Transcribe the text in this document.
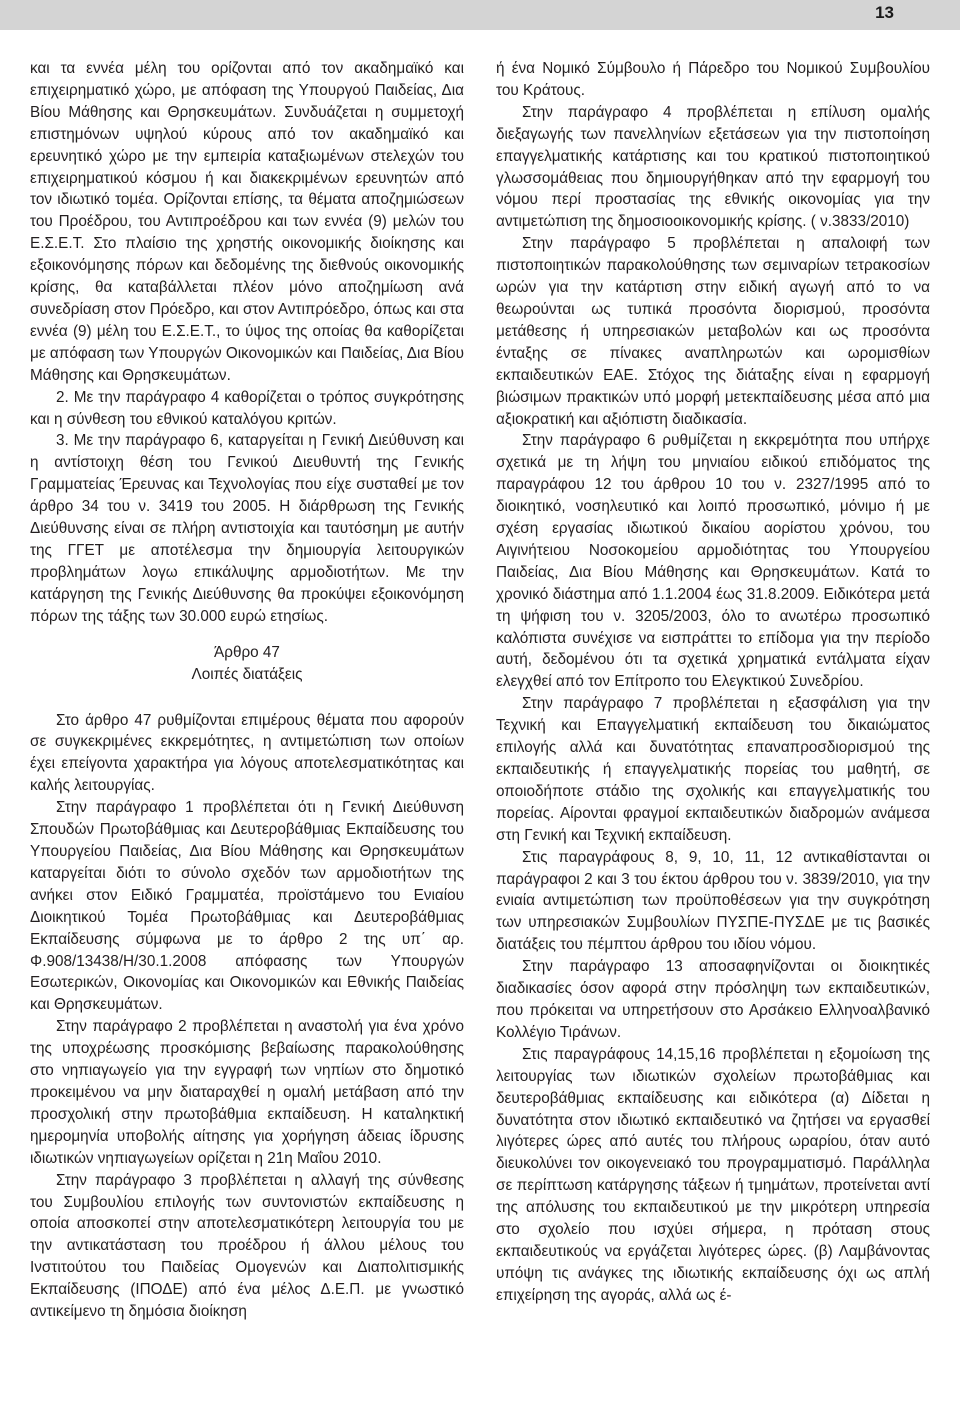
13

και τα εννέα μέλη του ορίζονται από τον ακαδημαϊκό και επιχειρηματικό χώρο, με απόφαση της Υπουργού Παιδείας, Δια Βίου Μάθησης και Θρησκευμάτων. Συνδυάζεται η συμμετοχή επιστημόνων υψηλού κύρους από τον ακαδημαϊκό και ερευνητικό χώρο με την εμπειρία καταξιωμένων στελεχών του επιχειρηματικού κόσμου ή και διακεκριμένων ερευνητών από τον ιδιωτικό τομέα. Ορίζονται επίσης, τα θέματα αποζημιώσεων του Προέδρου, του Αντιπροέδρου και των εννέα (9) μελών του Ε.Σ.Ε.Τ. Στο πλαίσιο της χρηστής οικονομικής διοίκησης και εξοικονόμησης πόρων και δεδομένης της διεθνούς οικονομικής κρίσης, θα καταβάλλεται πλέον μόνο αποζημίωση ανά συνεδρίαση στον Πρόεδρο, και στον Αντιπρόεδρο, όπως και στα εννέα (9) μέλη του Ε.Σ.Ε.Τ., το ύψος της οποίας θα καθορίζεται με απόφαση των Υπουργών Οικονομικών και Παιδείας, Δια Βίου Μάθησης και Θρησκευμάτων.

2. Με την παράγραφο 4 καθορίζεται ο τρόπος συγκρότησης και η σύνθεση του εθνικού καταλόγου κριτών.

3. Με την παράγραφο 6, καταργείται η Γενική Διεύθυνση και η αντίστοιχη θέση του Γενικού Διευθυντή της Γενικής Γραμματείας Έρευνας και Τεχνολογίας που είχε συσταθεί με τον άρθρο 34 του ν. 3419 του 2005. Η διάρθρωση της Γενικής Διεύθυνσης είναι σε πλήρη αντιστοιχία και ταυτόσημη με αυτήν της ΓΓΕΤ με αποτέλεσμα την δημιουργία λειτουργικών προβλημάτων λογω επικάλυψης αρμοδιοτήτων. Με την κατάργηση της Γενικής Διεύθυνσης θα προκύψει εξοικονόμηση πόρων της τάξης των 30.000 ευρώ ετησίως.

Άρθρο 47
Λοιπές διατάξεις

Στο άρθρο 47 ρυθμίζονται επιμέρους θέματα που αφορούν σε συγκεκριμένες εκκρεμότητες, η αντιμετώπιση των οποίων έχει επείγοντα χαρακτήρα για λόγους αποτελεσματικότητας και καλής λειτουργίας.

Στην παράγραφο 1 προβλέπεται ότι η Γενική Διεύθυνση Σπουδών Πρωτοβάθμιας και Δευτεροβάθμιας Εκπαίδευσης του Υπουργείου Παιδείας, Δια Βίου Μάθησης και Θρησκευμάτων καταργείται διότι το σύνολο σχεδόν των αρμοδιοτήτων της ανήκει στον Ειδικό Γραμματέα, προϊστάμενο του Ενιαίου Διοικητικού Τομέα Πρωτοβάθμιας και Δευτεροβάθμιας Εκπαίδευσης σύμφωνα με το άρθρο 2 της υπ΄ αρ. Φ.908/13438/Η/30.1.2008 απόφασης των Υπουργών Εσωτερικών, Οικονομίας και Οικονομικών και Εθνικής Παιδείας και Θρησκευμάτων.

Στην παράγραφο 2 προβλέπεται η αναστολή για ένα χρόνο της υποχρέωσης προσκόμισης βεβαίωσης παρακολούθησης στο νηπιαγωγείο για την εγγραφή των νηπίων στο δημοτικό προκειμένου να μην διαταραχθεί η ομαλή μετάβαση από την προσχολική στην πρωτοβάθμια εκπαίδευση. Η καταληκτική ημερομηνία υποβολής αίτησης για χορήγηση άδειας ίδρυσης ιδιωτικών νηπιαγωγείων ορίζεται η 21η Μαΐου 2010.

Στην παράγραφο 3 προβλέπεται η αλλαγή της σύνθεσης του Συμβουλίου επιλογής των συντονιστών εκπαίδευσης η οποία αποσκοπεί στην αποτελεσματικότερη λειτουργία του με την αντικατάσταση του προέδρου ή άλλου μέλους του Ινστιτούτου του Παιδείας Ομογενών και Διαπολιτισμικής Εκπαίδευσης (ΙΠΟΔΕ) από ένα μέλος Δ.Ε.Π. με γνωστικό αντικείμενο τη δημόσια διοίκηση

ή ένα Νομικό Σύμβουλο ή Πάρεδρο του Νομικού Συμβουλίου του Κράτους.

Στην παράγραφο 4 προβλέπεται η επίλυση ομαλής διεξαγωγής των πανελληνίων εξετάσεων για την πιστοποίηση επαγγελματικής κατάρτισης και του κρατικού πιστοποιητικού γλωσσομάθειας που δημιουργήθηκαν από την εφαρμογή του νόμου περί προστασίας της εθνικής οικονομίας για την αντιμετώπιση της δημοσιοοικονομικής κρίσης. ( ν.3833/2010)

Στην παράγραφο 5 προβλέπεται η απαλοιφή των πιστοποιητικών παρακολούθησης των σεμιναρίων τετρακοσίων ωρών για την κατάρτιση στην ειδική αγωγή από το να θεωρούνται ως τυπικά προσόντα διορισμού, προσόντα μετάθεσης ή υπηρεσιακών μεταβολών και ως προσόντα ένταξης σε πίνακες αναπληρωτών και ωρομισθίων εκπαιδευτικών ΕΑΕ. Στόχος της διάταξης είναι η εφαρμογή βιώσιμων πρακτικών υπό μορφή μετεκπαίδευσης μέσα από μια αξιοκρατική και αξιόπιστη διαδικασία.

Στην παράγραφο 6 ρυθμίζεται η εκκρεμότητα που υπήρχε σχετικά με τη λήψη του μηνιαίου ειδικού επιδόματος της παραγράφου 12 του άρθρου 10 του ν. 2327/1995 από το διοικητικό, νοσηλευτικό και λοιπό προσωπικό, μόνιμο ή με σχέση εργασίας ιδιωτικού δικαίου αορίστου χρόνου, του Αιγινήτειου Νοσοκομείου αρμοδιότητας του Υπουργείου Παιδείας, Δια Βίου Μάθησης και Θρησκευμάτων. Κατά το χρονικό διάστημα από 1.1.2004 έως 31.8.2009. Ειδικότερα μετά τη ψήφιση του ν. 3205/2003, όλο το ανωτέρω προσωπικό καλόπιστα συνέχισε να εισπράττει το επίδομα για την περίοδο αυτή, δεδομένου ότι τα σχετικά χρηματικά εντάλματα είχαν ελεγχθεί από τον Επίτροπο του Ελεγκτικού Συνεδρίου.

Στην παράγραφο 7 προβλέπεται η εξασφάλιση για την Τεχνική και Επαγγελματική εκπαίδευση του δικαιώματος επιλογής αλλά και δυνατότητας επαναπροσδιορισμού της εκπαιδευτικής ή επαγγελματικής πορείας του μαθητή, σε οποιοδήποτε στάδιο της σχολικής και επαγγελματικής του πορείας. Αίρονται φραγμοί εκπαιδευτικών διαδρομών ανάμεσα στη Γενική και Τεχνική εκπαίδευση.

Στις παραγράφους 8, 9, 10, 11, 12 αντικαθίστανται οι παράγραφοι 2 και 3 του έκτου άρθρου του ν. 3839/2010, για την ενιαία αντιμετώπιση των προϋποθέσεων για την συγκρότηση των υπηρεσιακών Συμβουλίων ΠΥΣΠΕ-ΠΥΣΔΕ με τις βασικές διατάξεις του πέμπτου άρθρου του ιδίου νόμου.

Στην παράγραφο 13 αποσαφηνίζονται οι διοικητικές διαδικασίες όσον αφορά στην πρόσληψη των εκπαιδευτικών, που πρόκειται να υπηρετήσουν στο Αρσάκειο Ελληνοαλβανικό Κολλέγιο Τιράνων.

Στις παραγράφους 14,15,16 προβλέπεται η εξομοίωση της λειτουργίας των ιδιωτικών σχολείων πρωτοβάθμιας και δευτεροβάθμιας εκπαίδευσης και ειδικότερα (α) Δίδεται η δυνατότητα στον ιδιωτικό εκπαιδευτικό να ζητήσει να εργασθεί λιγότερες ώρες από αυτές του πλήρους ωραρίου, όταν αυτό διευκολύνει τον οικογενειακό του προγραμματισμό. Παράλληλα σε περίπτωση κατάργησης τάξεων ή τμημάτων, προτείνεται αντί της απόλυσης του εκπαιδευτικού με την μικρότερη υπηρεσία στο σχολείο που ισχύει σήμερα, η πρόταση στους εκπαιδευτικούς να εργάζεται λιγότερες ώρες. (β) Λαμβάνοντας υπόψη τις ανάγκες της ιδιωτικής εκπαίδευσης όχι ως απλή επιχείρηση της αγοράς, αλλά ως έ-
